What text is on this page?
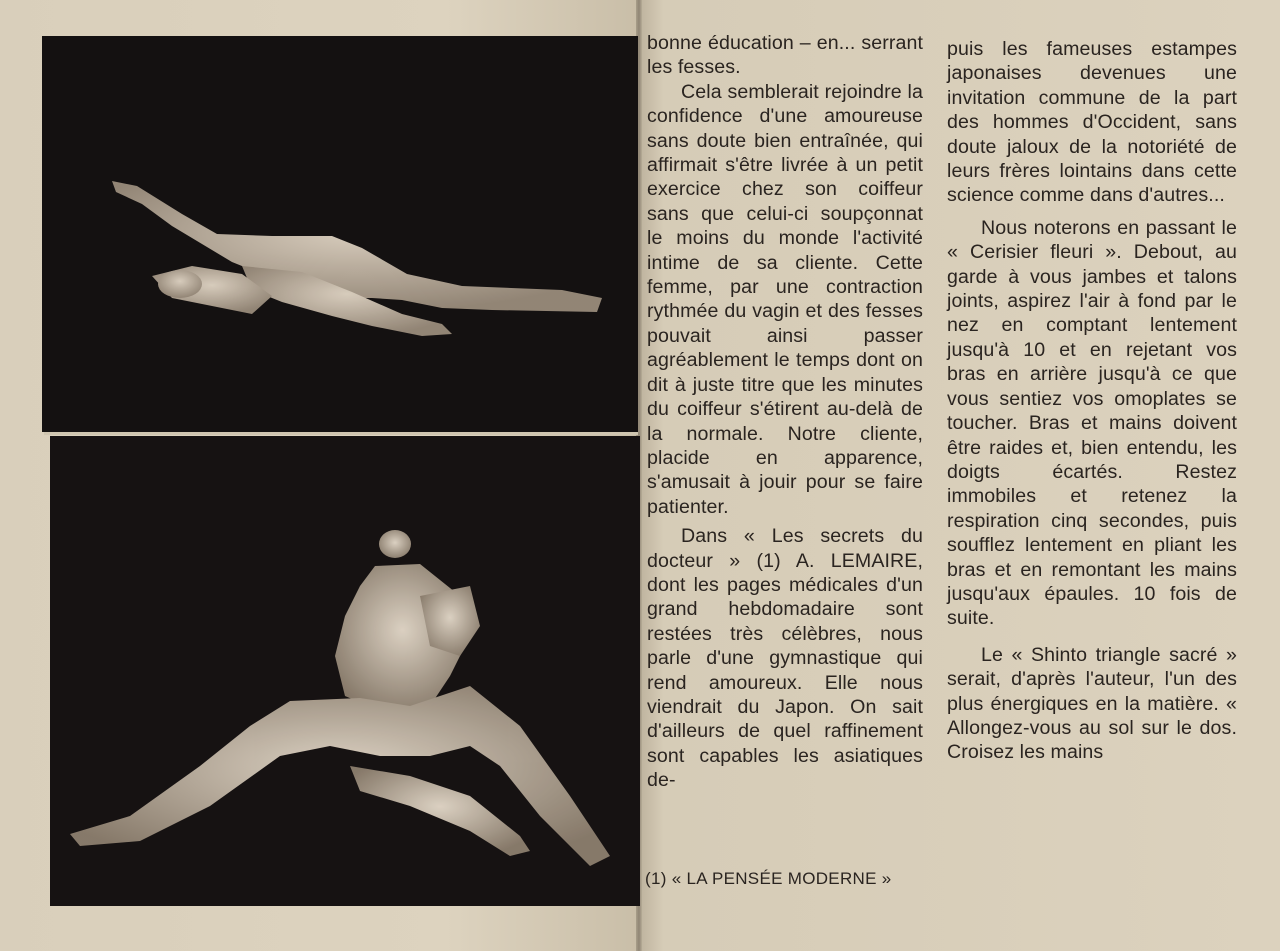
bonne éducation – en... serrant les fesses.

Cela semblerait rejoindre la confidence d'une amoureuse sans doute bien entraînée, qui affirmait s'être livrée à un petit exercice chez son coiffeur sans que celui-ci soupçonnat le moins du monde l'activité intime de sa cliente. Cette femme, par une contraction rythmée du vagin et des fesses pouvait ainsi passer agréablement le temps dont on dit à juste titre que les minutes du coiffeur s'étirent au-delà de la normale. Notre cliente, placide en apparence, s'amusait à jouir pour se faire patienter.

Dans « Les secrets du docteur » (1) A. LEMAIRE, dont les pages médicales d'un grand hebdomadaire sont restées très célèbres, nous parle d'une gymnastique qui rend amoureux. Elle nous viendrait du Japon. On sait d'ailleurs de quel raffinement sont capables les asiatiques de-

(1) « LA PENSÉE MODERNE »

puis les fameuses estampes japonaises devenues une invitation commune de la part des hommes d'Occident, sans doute jaloux de la notoriété de leurs frères lointains dans cette science comme dans d'autres...

Nous noterons en passant le « Cerisier fleuri ». Debout, au garde à vous jambes et talons joints, aspirez l'air à fond par le nez en comptant lentement jusqu'à 10 et en rejetant vos bras en arrière jusqu'à ce que vous sentiez vos omoplates se toucher. Bras et mains doivent être raides et, bien entendu, les doigts écartés. Restez immobiles et retenez la respiration cinq secondes, puis soufflez lentement en pliant les bras et en remontant les mains jusqu'aux épaules. 10 fois de suite.

Le « Shinto triangle sacré » serait, d'après l'auteur, l'un des plus énergiques en la matière. « Allongez-vous au sol sur le dos. Croisez les mains
